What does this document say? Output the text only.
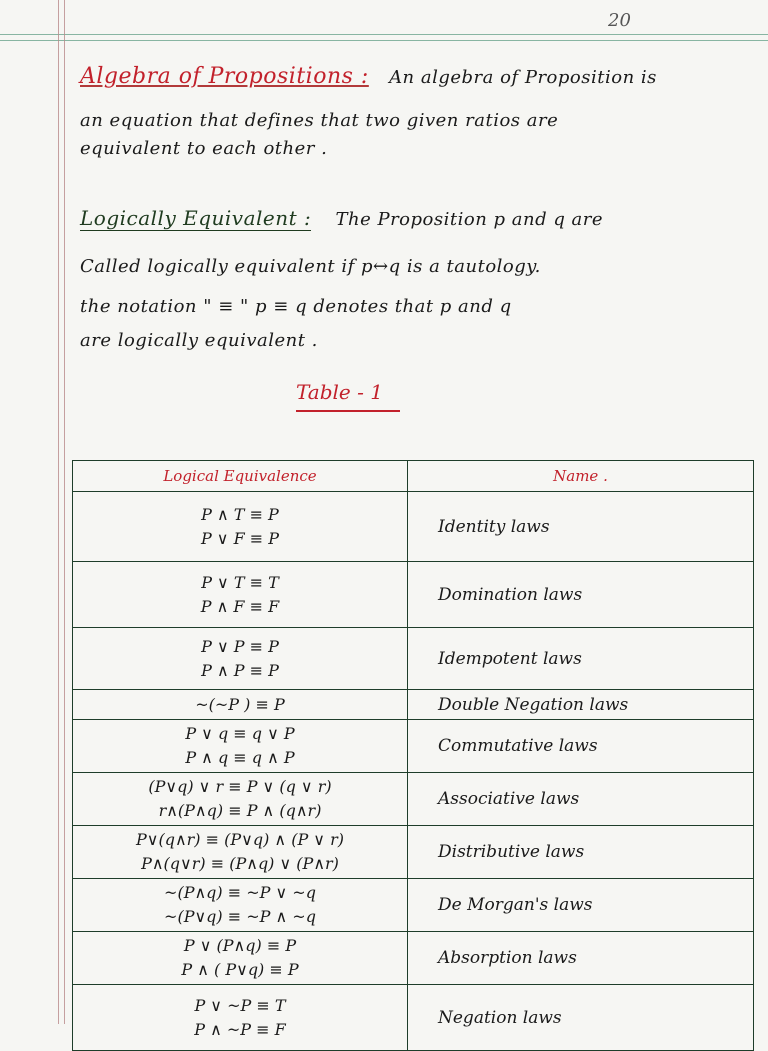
20
Algebra of Propositions : An algebra of Proposition is
an equation that defines that two given ratios are
equivalent to each other .
Logically Equivalent : The Proposition p and q are
Called logically equivalent if p↔q is a tautology.
the notation " ≡ " p ≡ q denotes that p and q
are logically equivalent .
Table - 1
Logical Equivalence	Name .

P ∧ T ≡ P
P ∨ F ≡ P	Identity laws

P ∨ T ≡ T
P ∧ F ≡ F	Domination laws

P ∨ P ≡ P
P ∧ P ≡ P	Idempotent laws

~(~P ) ≡ P	Double Negation laws

P ∨ q ≡ q ∨ P
P ∧ q ≡ q ∧ P	Commutative laws

(P∨q) ∨ r ≡ P ∨ (q ∨ r)
r∧(P∧q) ≡ P ∧ (q∧r)	Associative laws

P∨(q∧r) ≡ (P∨q) ∧ (P ∨ r)
P∧(q∨r) ≡ (P∧q) ∨ (P∧r)	Distributive laws

~(P∧q) ≡ ~P ∨ ~q
~(P∨q) ≡ ~P ∧ ~q	De Morgan's laws

P ∨ (P∧q) ≡ P
P ∧ ( P∨q) ≡ P	Absorption laws

P ∨ ~P ≡ T
P ∧ ~P ≡ F	Negation laws
